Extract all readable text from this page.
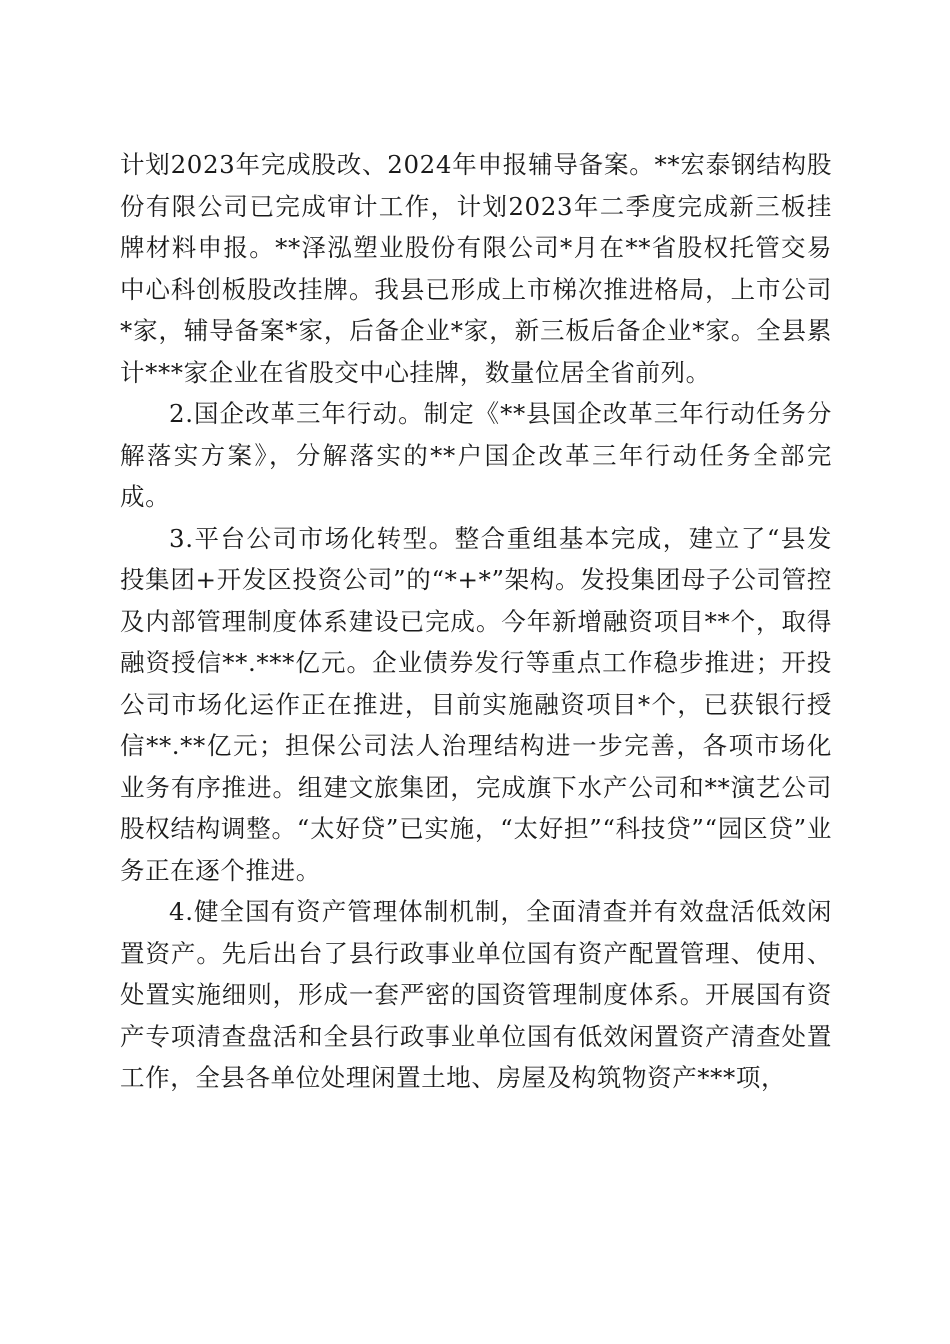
计划2023年完成股改、2024年申报辅导备案。**宏泰钢结构股份有限公司已完成审计工作，计划2023年二季度完成新三板挂牌材料申报。**泽泓塑业股份有限公司*月在**省股权托管交易中心科创板股改挂牌。我县已形成上市梯次推进格局，上市公司*家，辅导备案*家，后备企业*家，新三板后备企业*家。全县累计***家企业在省股交中心挂牌，数量位居全省前列。

2.国企改革三年行动。制定《**县国企改革三年行动任务分解落实方案》，分解落实的**户国企改革三年行动任务全部完成。

3.平台公司市场化转型。整合重组基本完成，建立了“县发投集团+开发区投资公司”的“*+*”架构。发投集团母子公司管控及内部管理制度体系建设已完成。今年新增融资项目**个，取得融资授信**.***亿元。企业债券发行等重点工作稳步推进；开投公司市场化运作正在推进，目前实施融资项目*个，已获银行授信**.**亿元；担保公司法人治理结构进一步完善，各项市场化业务有序推进。组建文旅集团，完成旗下水产公司和**演艺公司股权结构调整。“太好贷”已实施，“太好担”“科技贷”“园区贷”业务正在逐个推进。

4.健全国有资产管理体制机制，全面清查并有效盘活低效闲置资产。先后出台了县行政事业单位国有资产配置管理、使用、处置实施细则，形成一套严密的国资管理制度体系。开展国有资产专项清查盘活和全县行政事业单位国有低效闲置资产清查处置工作，全县各单位处理闲置土地、房屋及构筑物资产***项，
